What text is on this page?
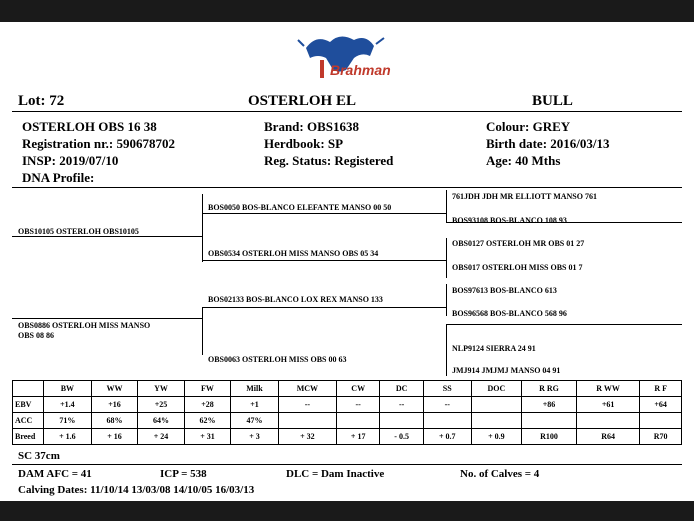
Brahman
Lot: 72	OSTERLOH EL	BULL
OSTERLOH OBS 16 38
Registration nr.: 590678702
INSP: 2019/07/10
DNA Profile:
Brand: OBS1638
Herdbook: SP
Reg. Status: Registered
Colour: GREY
Birth date: 2016/03/13
Age: 40 Mths
OBS10105 OSTERLOH OBS10105
OBS0886 OSTERLOH MISS MANSO
OBS 08 86
BOS0050 BOS-BLANCO ELEFANTE MANSO 00 50
OBS0534 OSTERLOH MISS MANSO OBS 05 34
BOS02133 BOS-BLANCO LOX REX MANSO 133
OBS0063 OSTERLOH MISS OBS 00 63
761JDH JDH MR ELLIOTT MANSO 761
BOS93108 BOS-BLANCO 108 93
OBS0127 OSTERLOH MR OBS 01 27
OBS017 OSTERLOH MISS OBS 01 7
BOS97613 BOS-BLANCO 613
BOS96568 BOS-BLANCO 568 96
NLP9124 SIERRA 24 91
JMJ914 JMJMJ MANSO 04 91
	BW	WW	YW	FW	Milk	MCW	CW	DC	SS	DOC	R RG	R WW	R F
EBV	+1.4	+16	+25	+28	+1	--	--	--	--		+86	+61	+64
ACC	71%	68%	64%	62%	47%								
Breed	+ 1.6	+ 16	+ 24	+ 31	+ 3	+ 32	+ 17	- 0.5	+ 0.7	+ 0.9	R100	R64	R70
SC 37cm
DAM AFC = 41	ICP = 538	DLC = Dam Inactive	No. of Calves = 4
Calving Dates: 11/10/14 13/03/08 14/10/05 16/03/13
